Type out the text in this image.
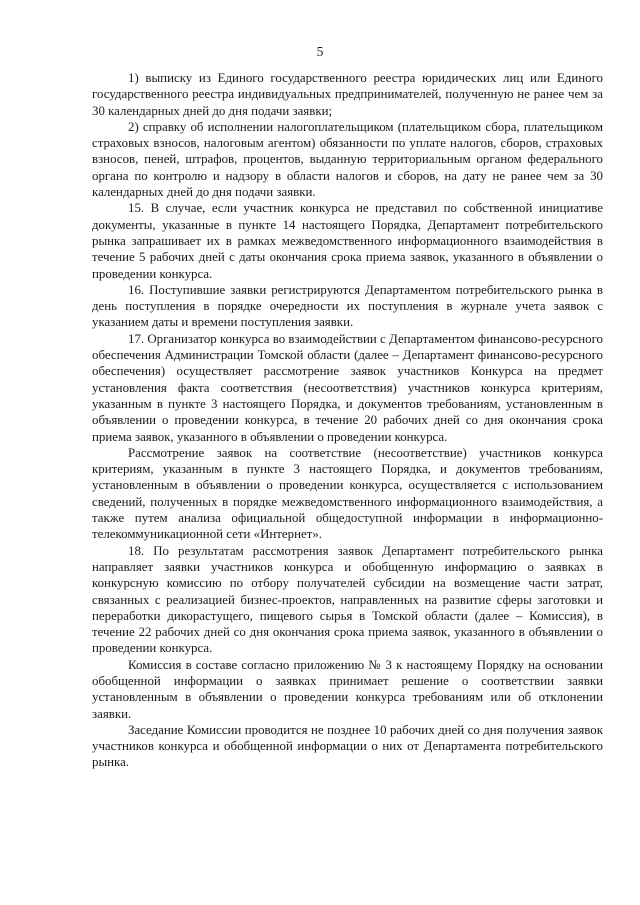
5

1) выписку из Единого государственного реестра юридических лиц или Единого государственного реестра индивидуальных предпринимателей, полученную не ранее чем за 30 календарных дней до дня подачи заявки;

2) справку об исполнении налогоплательщиком (плательщиком сбора, плательщиком страховых взносов, налоговым агентом) обязанности по уплате налогов, сборов, страховых взносов, пеней, штрафов, процентов, выданную территориальным органом федерального органа по контролю и надзору в области налогов и сборов, на дату не ранее чем за 30 календарных дней до дня подачи заявки.

15. В случае, если участник конкурса не представил по собственной инициативе документы, указанные в пункте 14 настоящего Порядка, Департамент потребительского рынка запрашивает их в рамках межведомственного информационного взаимодействия в течение 5 рабочих дней с даты окончания срока приема заявок, указанного в объявлении о проведении конкурса.

16. Поступившие заявки регистрируются Департаментом потребительского рынка в день поступления в порядке очередности их поступления в журнале учета заявок с указанием даты и времени поступления заявки.

17. Организатор конкурса во взаимодействии с Департаментом финансово-ресурсного обеспечения Администрации Томской области (далее – Департамент финансово-ресурсного обеспечения) осуществляет рассмотрение заявок участников Конкурса на предмет установления факта соответствия (несоответствия) участников конкурса критериям, указанным в пункте 3 настоящего Порядка, и документов требованиям, установленным в объявлении о проведении конкурса, в течение 20 рабочих дней со дня окончания срока приема заявок, указанного в объявлении о проведении конкурса.

Рассмотрение заявок на соответствие (несоответствие) участников конкурса критериям, указанным в пункте 3 настоящего Порядка, и документов требованиям, установленным в объявлении о проведении конкурса, осуществляется с использованием сведений, полученных в порядке межведомственного информационного взаимодействия, а также путем анализа официальной общедоступной информации в информационно-телекоммуникационной сети «Интернет».

18. По результатам рассмотрения заявок Департамент потребительского рынка направляет заявки участников конкурса и обобщенную информацию о заявках в конкурсную комиссию по отбору получателей субсидии на возмещение части затрат, связанных с реализацией бизнес-проектов, направленных на развитие сферы заготовки и переработки дикорастущего, пищевого сырья в Томской области (далее – Комиссия), в течение 22 рабочих дней со дня окончания срока приема заявок, указанного в объявлении о проведении конкурса.

Комиссия в составе согласно приложению № 3 к настоящему Порядку на основании обобщенной информации о заявках принимает решение о соответствии заявки установленным в объявлении о проведении конкурса требованиям или об отклонении заявки.

Заседание Комиссии проводится не позднее 10 рабочих дней со дня получения заявок участников конкурса и обобщенной информации о них от Департамента потребительского рынка.
